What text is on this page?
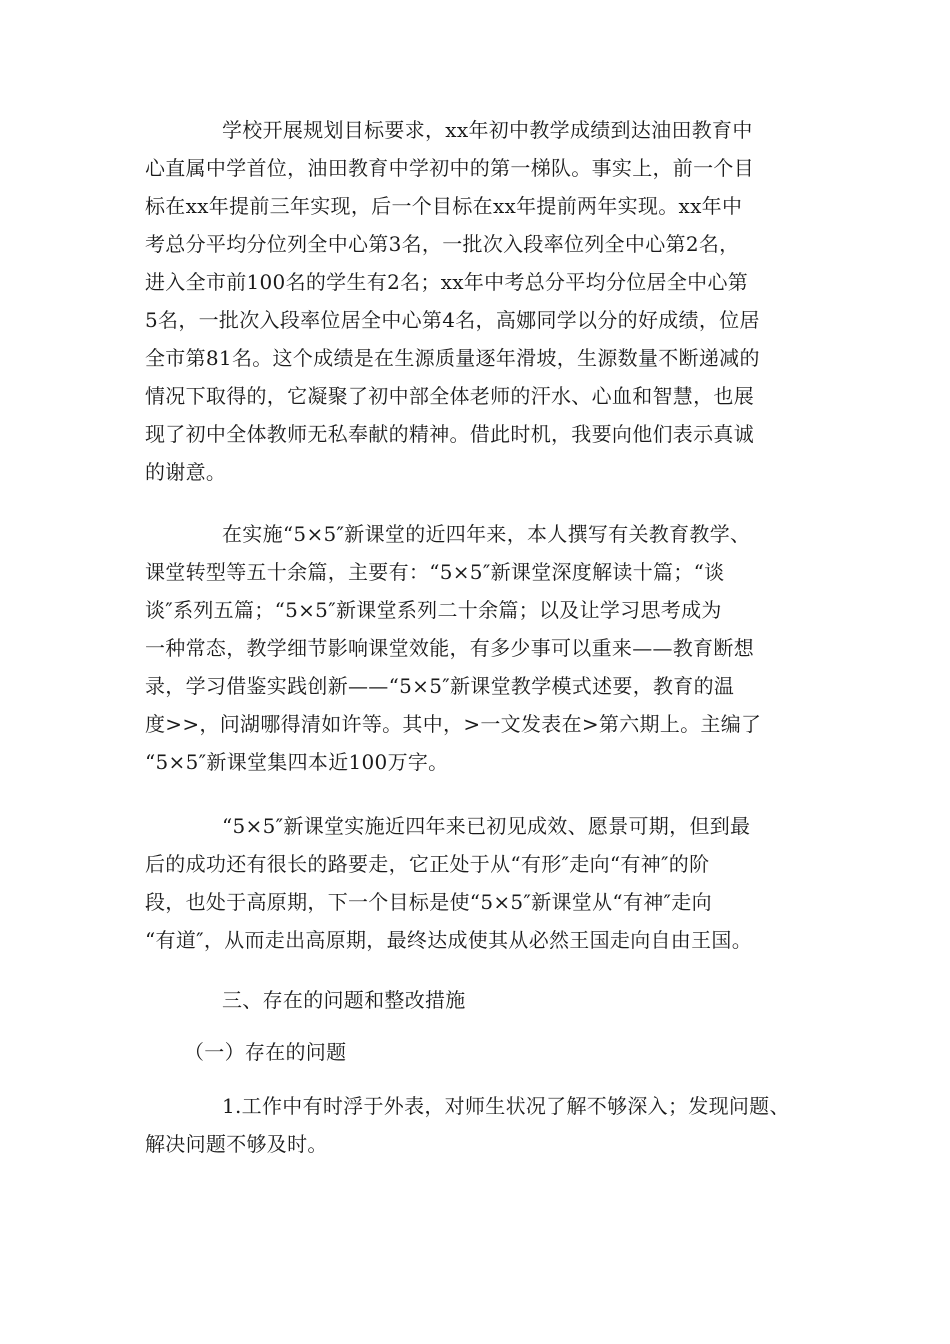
学校开展规划目标要求，xx年初中教学成绩到达油田教育中
心直属中学首位，油田教育中学初中的第一梯队。事实上，前一个目
标在xx年提前三年实现，后一个目标在xx年提前两年实现。xx年中
考总分平均分位列全中心第3名，一批次入段率位列全中心第2名，
进入全市前100名的学生有2名；xx年中考总分平均分位居全中心第
5名，一批次入段率位居全中心第4名，高娜同学以分的好成绩，位居
全市第81名。这个成绩是在生源质量逐年滑坡，生源数量不断递减的
情况下取得的，它凝聚了初中部全体老师的汗水、心血和智慧，也展
现了初中全体教师无私奉献的精神。借此时机，我要向他们表示真诚
的谢意。
在实施“5×5″新课堂的近四年来，本人撰写有关教育教学、
课堂转型等五十余篇，主要有：“5×5″新课堂深度解读十篇；“谈
谈″系列五篇；“5×5″新课堂系列二十余篇；以及让学习思考成为
一种常态，教学细节影响课堂效能，有多少事可以重来——教育断想
录，学习借鉴实践创新——“5×5″新课堂教学模式述要，教育的温
度>>，问湖哪得清如许等。其中，>一文发表在>第六期上。主编了
“5×5″新课堂集四本近100万字。
“5×5″新课堂实施近四年来已初见成效、愿景可期，但到最
后的成功还有很长的路要走，它正处于从“有形″走向“有神″的阶
段，也处于高原期，下一个目标是使“5×5″新课堂从“有神″走向
“有道″，从而走出高原期，最终达成使其从必然王国走向自由王国。
三、存在的问题和整改措施
（一）存在的问题
1.工作中有时浮于外表，对师生状况了解不够深入；发现问题、
解决问题不够及时。
